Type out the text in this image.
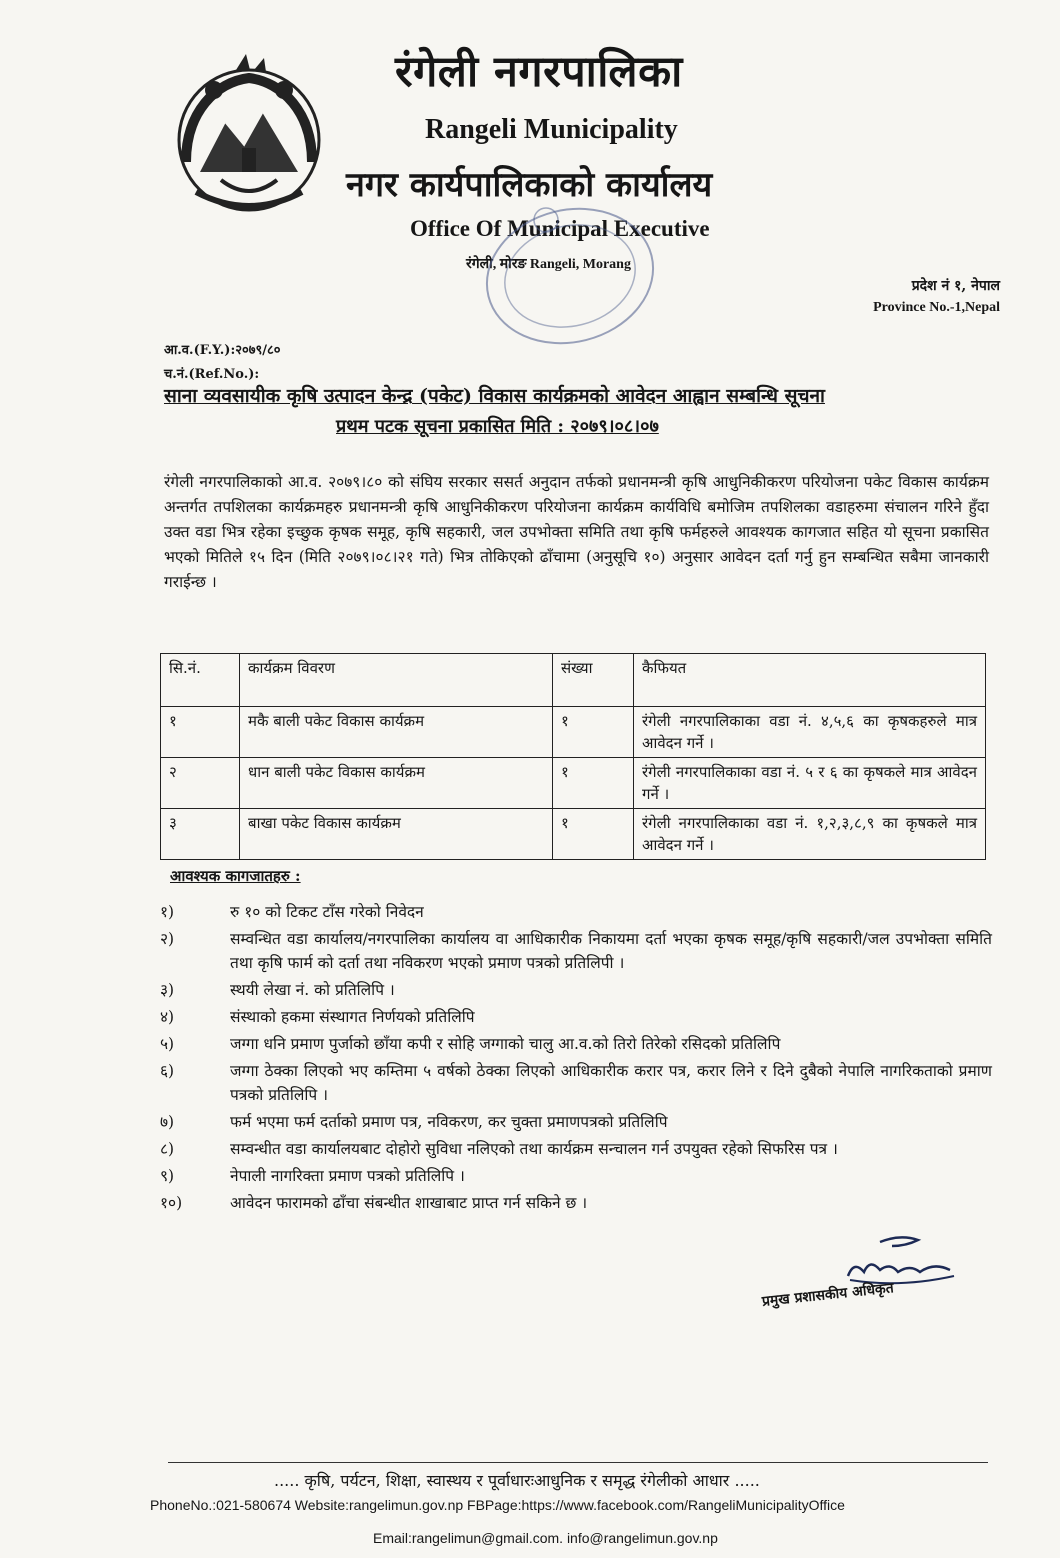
रंगेली नगरपालिका
Rangeli Municipality
नगर कार्यपालिकाको कार्यालय
Office Of Municipal Executive
रंगेली, मोरङ Rangeli, Morang
प्रदेश नं १, नेपाल
Province No.-1,Nepal
आ.व.(F.Y.):२०७९/८०
च.नं.(Ref.No.):
साना व्यवसायीक कृषि उत्पादन केन्द्र (पकेट) विकास कार्यक्रमको आवेदन आह्वान सम्बन्धि सूचना
प्रथम पटक सूचना प्रकासित मिति : २०७९।०८।०७
रंगेली नगरपालिकाको आ.व. २०७९।८० को संघिय सरकार ससर्त अनुदान तर्फको प्रधानमन्त्री कृषि आधुनिकीकरण परियोजना पकेट विकास कार्यक्रम अन्तर्गत तपशिलका कार्यक्रमहरु प्रधानमन्त्री कृषि आधुनिकीकरण परियोजना कार्यक्रम कार्यविधि बमोजिम तपशिलका वडाहरुमा संचालन गरिने हुँदा उक्त वडा भित्र रहेका इच्छुक कृषक समूह, कृषि सहकारी, जल उपभोक्ता समिति तथा कृषि फर्महरुले आवश्यक कागजात सहित यो सूचना प्रकासित भएको मितिले १५ दिन (मिति २०७९।०८।२१ गते) भित्र तोकिएको ढाँचामा (अनुसूचि १०) अनुसार आवेदन दर्ता गर्नु हुन सम्बन्धित सबैमा जानकारी गराईन्छ ।
सि.नं.	कार्यक्रम विवरण	संख्या	कैफियत
१	मकै बाली पकेट विकास कार्यक्रम	१	रंगेली नगरपालिकाका वडा नं. ४,५,६ का कृषकहरुले मात्र आवेदन गर्ने ।
२	धान बाली पकेट विकास कार्यक्रम	१	रंगेली नगरपालिकाका वडा नं. ५ र ६ का कृषकले मात्र आवेदन गर्ने ।
३	बाखा पकेट विकास कार्यक्रम	१	रंगेली नगरपालिकाका वडा नं. १,२,३,८,९ का कृषकले मात्र आवेदन गर्ने ।
आवश्यक कागजातहरु :
१)	रु १० को टिकट टाँस गरेको निवेदन
२)	सम्वन्धित वडा कार्यालय/नगरपालिका कार्यालय वा आधिकारीक निकायमा दर्ता भएका कृषक समूह/कृषि सहकारी/जल उपभोक्ता समिति तथा कृषि फार्म को दर्ता तथा नविकरण भएको प्रमाण पत्रको प्रतिलिपी ।
३)	स्थयी लेखा नं. को प्रतिलिपि ।
४)	संस्थाको हकमा संस्थागत निर्णयको प्रतिलिपि
५)	जग्गा धनि प्रमाण पुर्जाको छाँया कपी र सोहि जग्गाको चालु आ.व.को तिरो तिरेको रसिदको प्रतिलिपि
६)	जग्गा ठेक्का लिएको भए कम्तिमा ५ वर्षको ठेक्का लिएको आधिकारीक करार पत्र, करार लिने र दिने दुबैको नेपालि नागरिकताको प्रमाण पत्रको प्रतिलिपि ।
७)	फर्म भएमा फर्म दर्ताको प्रमाण पत्र, नविकरण, कर चुक्ता प्रमाणपत्रको प्रतिलिपि
८)	सम्वन्धीत वडा कार्यालयबाट दोहोरो सुविधा नलिएको तथा कार्यक्रम सन्चालन गर्न उपयुक्त रहेको सिफरिस पत्र ।
९)	नेपाली नागरिक्ता प्रमाण पत्रको प्रतिलिपि ।
१०)	आवेदन फारामको ढाँचा संबन्धीत शाखाबाट प्राप्त गर्न सकिने छ ।
प्रमुख प्रशासकीय अधिकृत
..... कृषि, पर्यटन, शिक्षा, स्वास्थय र पूर्वाधारःआधुनिक र समृद्ध रंगेलीको आधार .....
PhoneNo.:021-580674 Website:rangelimun.gov.np FBPage:https://www.facebook.com/RangeliMunicipalityOffice
Email:rangelimun@gmail.com. info@rangelimun.gov.np
